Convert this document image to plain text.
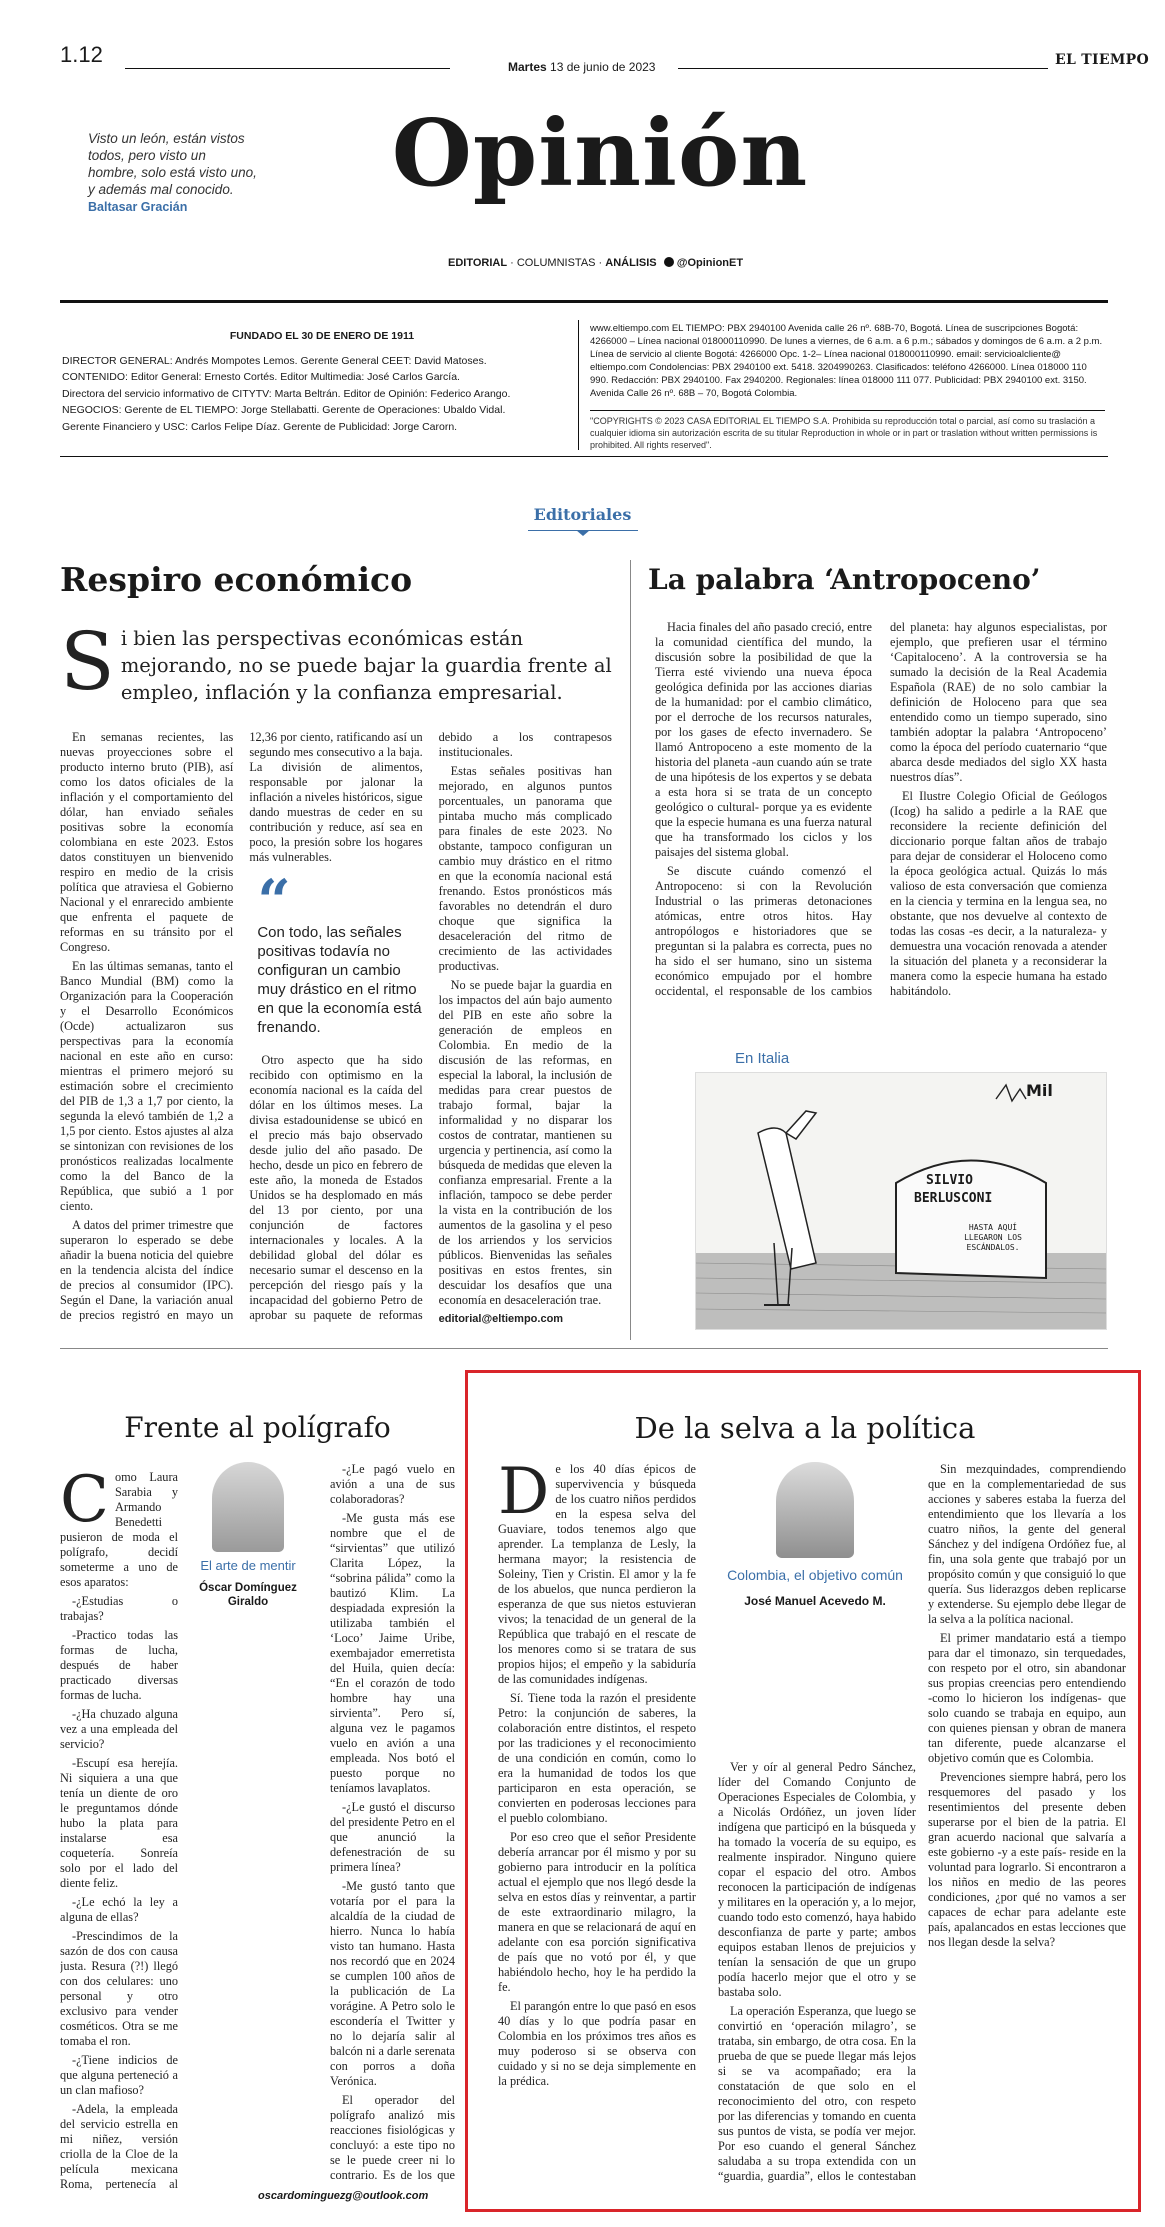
1.12	Martes 13 de junio de 2023	EL TIEMPO
Visto un león, están vistos todos, pero visto un hombre, solo está visto uno, y además mal conocido.
Baltasar Gracián	Opinión
EDITORIAL · COLUMNISTAS · ANÁLISIS @OpinionET
FUNDADO EL 30 DE ENERO DE 1911
DIRECTOR GENERAL: Andrés Mompotes Lemos. Gerente General CEET: David Matoses.
CONTENIDO: Editor General: Ernesto Cortés. Editor Multimedia: José Carlos García.
Directora del servicio informativo de CITYTV: Marta Beltrán. Editor de Opinión: Federico Arango.
NEGOCIOS: Gerente de EL TIEMPO: Jorge Stellabatti. Gerente de Operaciones: Ubaldo Vidal.
Gerente Financiero y USC: Carlos Felipe Díaz. Gerente de Publicidad: Jorge Carorn.
www.eltiempo.com EL TIEMPO: PBX 2940100 Avenida calle 26 nº. 68B-70, Bogotá. Línea de suscripciones Bogotá: 4266000 – Línea nacional 018000110990. De lunes a viernes, de 6 a.m. a 6 p.m.; sábados y domingos de 6 a.m. a 2 p.m. Línea de servicio al cliente Bogotá: 4266000 Opc. 1-2– Línea nacional 018000110990. email: servicioalcliente@ eltiempo.com Condolencias: PBX 2940100 ext. 5418. 3204990263. Clasificados: teléfono 4266000. Línea 018000 110 990. Redacción: PBX 2940100. Fax 2940200. Regionales: línea 018000 111 077. Publicidad: PBX 2940100 ext. 3150. Avenida Calle 26 nº. 68B – 70, Bogotá Colombia.
"COPYRIGHTS © 2023 CASA EDITORIAL EL TIEMPO S.A. Prohibida su reproducción total o parcial, así como su traslación a cualquier idioma sin autorización escrita de su titular Reproduction in whole or in part or traslation without written permissions is prohibited. All rights reserved".
Editoriales
Respiro económico
Si bien las perspectivas económicas están mejorando, no se puede bajar la guardia frente al empleo, inflación y la confianza empresarial.

En semanas recientes, las nuevas proyecciones sobre el producto interno bruto (PIB), así como los datos oficiales de la inflación y el comportamiento del dólar, han enviado señales positivas sobre la economía colombiana en este 2023. Estos datos constituyen un bienvenido respiro en medio de la crisis política que atraviesa el Gobierno Nacional y el enrarecido ambiente que enfrenta el paquete de reformas en su tránsito por el Congreso.

En las últimas semanas, tanto el Banco Mundial (BM) como la Organización para la Cooperación y el Desarrollo Económicos (Ocde) actualizaron sus perspectivas para la economía nacional en este año en curso: mientras el primero mejoró su estimación sobre el crecimiento del PIB de 1,3 a 1,7 por ciento, la segunda la elevó también de 1,2 a 1,5 por ciento. Estos ajustes al alza se sintonizan con revisiones de los pronósticos realizadas localmente como la del Banco de la República, que subió a 1 por ciento.

A datos del primer trimestre que superaron lo esperado se debe añadir la buena noticia del quiebre en la tendencia alcista del índice de precios al consumidor (IPC). Según el Dane, la variación anual de precios registró en mayo un 12,36 por ciento, ratificando así un segundo mes consecutivo a la baja. La división de alimentos, responsable por jalonar la inflación a niveles históricos, sigue dando muestras de ceder en su contribución y reduce, así sea en poco, la presión sobre los hogares más vulnerables.

“
Con todo, las señales positivas todavía no configuran un cambio muy drástico en el ritmo en que la economía está frenando.

Otro aspecto que ha sido recibido con optimismo en la economía nacional es la caída del dólar en los últimos meses. La divisa estadounidense se ubicó en el precio más bajo observado desde julio del año pasado. De hecho, desde un pico en febrero de este año, la moneda de Estados Unidos se ha desplomado en más del 13 por ciento, por una conjunción de factores internacionales y locales. A la debilidad global del dólar es necesario sumar el descenso en la percepción del riesgo país y la incapacidad del gobierno Petro de aprobar su paquete de reformas debido a los contrapesos institucionales.

Estas señales positivas han mejorado, en algunos puntos porcentuales, un panorama que pintaba mucho más complicado para finales de este 2023. No obstante, tampoco configuran un cambio muy drástico en el ritmo en que la economía nacional está frenando. Estos pronósticos más favorables no detendrán el duro choque que significa la desaceleración del ritmo de crecimiento de las actividades productivas.

No se puede bajar la guardia en los impactos del aún bajo aumento del PIB en este año sobre la generación de empleos en Colombia. En medio de la discusión de las reformas, en especial la laboral, la inclusión de medidas para crear puestos de trabajo formal, bajar la informalidad y no disparar los costos de contratar, mantienen su urgencia y pertinencia, así como la búsqueda de medidas que eleven la confianza empresarial. Frente a la inflación, tampoco se debe perder la vista en la contribución de los aumentos de la gasolina y el peso de los arriendos y los servicios públicos. Bienvenidas las señales positivas en estos frentes, sin descuidar los desafíos que una economía en desaceleración trae.

editorial@eltiempo.com
La palabra ‘Antropoceno’

Hacia finales del año pasado creció, entre la comunidad científica del mundo, la discusión sobre la posibilidad de que la Tierra esté viviendo una nueva época geológica definida por las acciones diarias de la humanidad: por el cambio climático, por el derroche de los recursos naturales, por los gases de efecto invernadero. Se llamó Antropoceno a este momento de la historia del planeta -aun cuando aún se trate de una hipótesis de los expertos y se debata a esta hora si se trata de un concepto geológico o cultural- porque ya es evidente que la especie humana es una fuerza natural que ha transformado los ciclos y los paisajes del sistema global.

Se discute cuándo comenzó el Antropoceno: si con la Revolución Industrial o las primeras detonaciones atómicas, entre otros hitos. Hay antropólogos e historiadores que se preguntan si la palabra es correcta, pues no ha sido el ser humano, sino un sistema económico empujado por el hombre occidental, el responsable de los cambios del planeta: hay algunos especialistas, por ejemplo, que prefieren usar el término ‘Capitaloceno’. A la controversia se ha sumado la decisión de la Real Academia Española (RAE) de no solo cambiar la definición de Holoceno para que sea entendido como un tiempo superado, sino también adoptar la palabra ‘Antropoceno’ como la época del período cuaternario “que abarca desde mediados del siglo XX hasta nuestros días”.

El Ilustre Colegio Oficial de Geólogos (Icog) ha salido a pedirle a la RAE que reconsidere la reciente definición del diccionario porque faltan años de trabajo para dejar de considerar el Holoceno como la época geológica actual. Quizás lo más valioso de esta conversación que comienza en la ciencia y termina en la lengua sea, no obstante, que nos devuelve al contexto de todas las cosas -es decir, a la naturaleza- y demuestra una vocación renovada a atender la situación del planeta y a reconsiderar la manera como la especie humana ha estado habitándolo.

En Italia
Mil
SILVIO
BERLUSCONI
HASTA AQUÍ LLEGARON LOS ESCÁNDALOS.
Frente al polígrafo
El arte de mentir
Óscar Domínguez Giraldo
C omo Laura Sarabia y Armando Benedetti pusieron de moda el polígrafo, decidí someterme a uno de esos aparatos:

-¿Estudias o trabajas?

-Practico todas las formas de lucha, después de haber practicado diversas formas de lucha.

-¿Ha chuzado alguna vez a una empleada del servicio?

-Escupí esa herejía. Ni siquiera a una que tenía un diente de oro le preguntamos dónde hubo la plata para instalarse esa coquetería. Sonreía solo por el lado del diente feliz.

-¿Le echó la ley a alguna de ellas?

-Prescindimos de la sazón de dos con causa justa. Resura (?!) llegó con dos celulares: uno personal y otro exclusivo para vender cosméticos. Otra se me tomaba el ron.

-¿Tiene indicios de que alguna perteneció a un clan mafioso?

-Adela, la empleada del servicio estrella en mi niñez, versión criolla de la Cloe de la película mexicana Roma, pertenecía al

-¿Le pagó vuelo en avión a una de sus colaboradoras?

-Me gusta más ese nombre que el de “sirvientas” que utilizó Clarita López, la “sobrina pálida” como la bautizó Klim. La despiadada expresión la utilizaba también el ‘Loco’ Jaime Uribe, exembajador emerretista del Huila, quien decía: “En el corazón de todo hombre hay una sirvienta”. Pero sí, alguna vez le pagamos vuelo en avión a una empleada. Nos botó el puesto porque no teníamos lavaplatos.

-¿Le gustó el discurso del presidente Petro en el que anunció la defenestración de su primera línea?

-Me gustó tanto que votaría por el para la alcaldía de la ciudad de hierro. Nunca lo había visto tan humano. Hasta nos recordó que en 2024 se cumplen 100 años de la publicación de La vorágine. A Petro solo le escondería el Twitter y no lo dejaría salir al balcón ni a darle serenata con porros a doña Verónica.

El operador del polígrafo analizó mis reacciones fisiológicas y concluyó: a este tipo no se le puede creer ni lo contrario. Es de los que

oscardominguezg@outlook.com
De la selva a la política
D e los 40 días épicos de supervivencia y búsqueda de los cuatro niños perdidos en la espesa selva del Guaviare, todos tenemos algo que aprender. La templanza de Lesly, la hermana mayor; la resistencia de Soleiny, Tien y Cristin. El amor y la fe de los abuelos, que nunca perdieron la esperanza de que sus nietos estuvieran vivos; la tenacidad de un general de la República que trabajó en el rescate de los menores como si se tratara de sus propios hijos; el empeño y la sabiduría de las comunidades indígenas.

Sí. Tiene toda la razón el presidente Petro: la conjunción de saberes, la colaboración entre distintos, el respeto por las tradiciones y el reconocimiento de una condición en común, como lo era la humanidad de todos los que participaron en esta operación, se convierten en poderosas lecciones para el pueblo colombiano.

Por eso creo que el señor Presidente debería arrancar por él mismo y por su gobierno para introducir en la política actual el ejemplo que nos llegó desde la selva en estos días y reinventar, a partir de este extraordinario milagro, la manera en que se relacionará de aquí en adelante con esa porción significativa de país que no votó por él, y que habiéndolo hecho, hoy le ha perdido la fe.

El parangón entre lo que pasó en esos 40 días y lo que podría pasar en Colombia en los próximos tres años es muy poderoso si se observa con cuidado y si no se deja simplemente en la prédica.

Colombia, el objetivo común
José Manuel Acevedo M.

Ver y oír al general Pedro Sánchez, líder del Comando Conjunto de Operaciones Especiales de Colombia, y a Nicolás Ordóñez, un joven líder indígena que participó en la búsqueda y ha tomado la vocería de su equipo, es realmente inspirador. Ninguno quiere copar el espacio del otro. Ambos reconocen la participación de indígenas y militares en la operación y, a lo mejor, cuando todo esto comenzó, haya habido desconfianza de parte y parte; ambos equipos estaban llenos de prejuicios y tenían la sensación de que un grupo podía hacerlo mejor que el otro y se bastaba solo.

La operación Esperanza, que luego se convirtió en ‘operación milagro’, se trataba, sin embargo, de otra cosa. En la prueba de que se puede llegar más lejos si se va acompañado; era la constatación de que solo en el reconocimiento del otro, con respeto por las diferencias y tomando en cuenta sus puntos de vista, se podía ver mejor. Por eso cuando el general Sánchez saludaba a su tropa extendida con un “guardia, guardia”, ellos le contestaban

Sin mezquindades, comprendiendo que en la complementariedad de sus acciones y saberes estaba la fuerza del entendimiento que los llevaría a los cuatro niños, la gente del general Sánchez y del indígena Ordóñez fue, al fin, una sola gente que trabajó por un propósito común y que consiguió lo que quería. Sus liderazgos deben replicarse y extenderse. Su ejemplo debe llegar de la selva a la política nacional.

El primer mandatario está a tiempo para dar el timonazo, sin terquedades, con respeto por el otro, sin abandonar sus propias creencias pero entendiendo -como lo hicieron los indígenas- que solo cuando se trabaja en equipo, aun con quienes piensan y obran de manera tan diferente, puede alcanzarse el objetivo común que es Colombia.

Prevenciones siempre habrá, pero los resquemores del pasado y los resentimientos del presente deben superarse por el bien de la patria. El gran acuerdo nacional que salvaría a este gobierno -y a este país- reside en la voluntad para lograrlo. Si encontraron a los niños en medio de las peores condiciones, ¿por qué no vamos a ser capaces de echar para adelante este país, apalancados en estas lecciones que nos llegan desde la selva?
